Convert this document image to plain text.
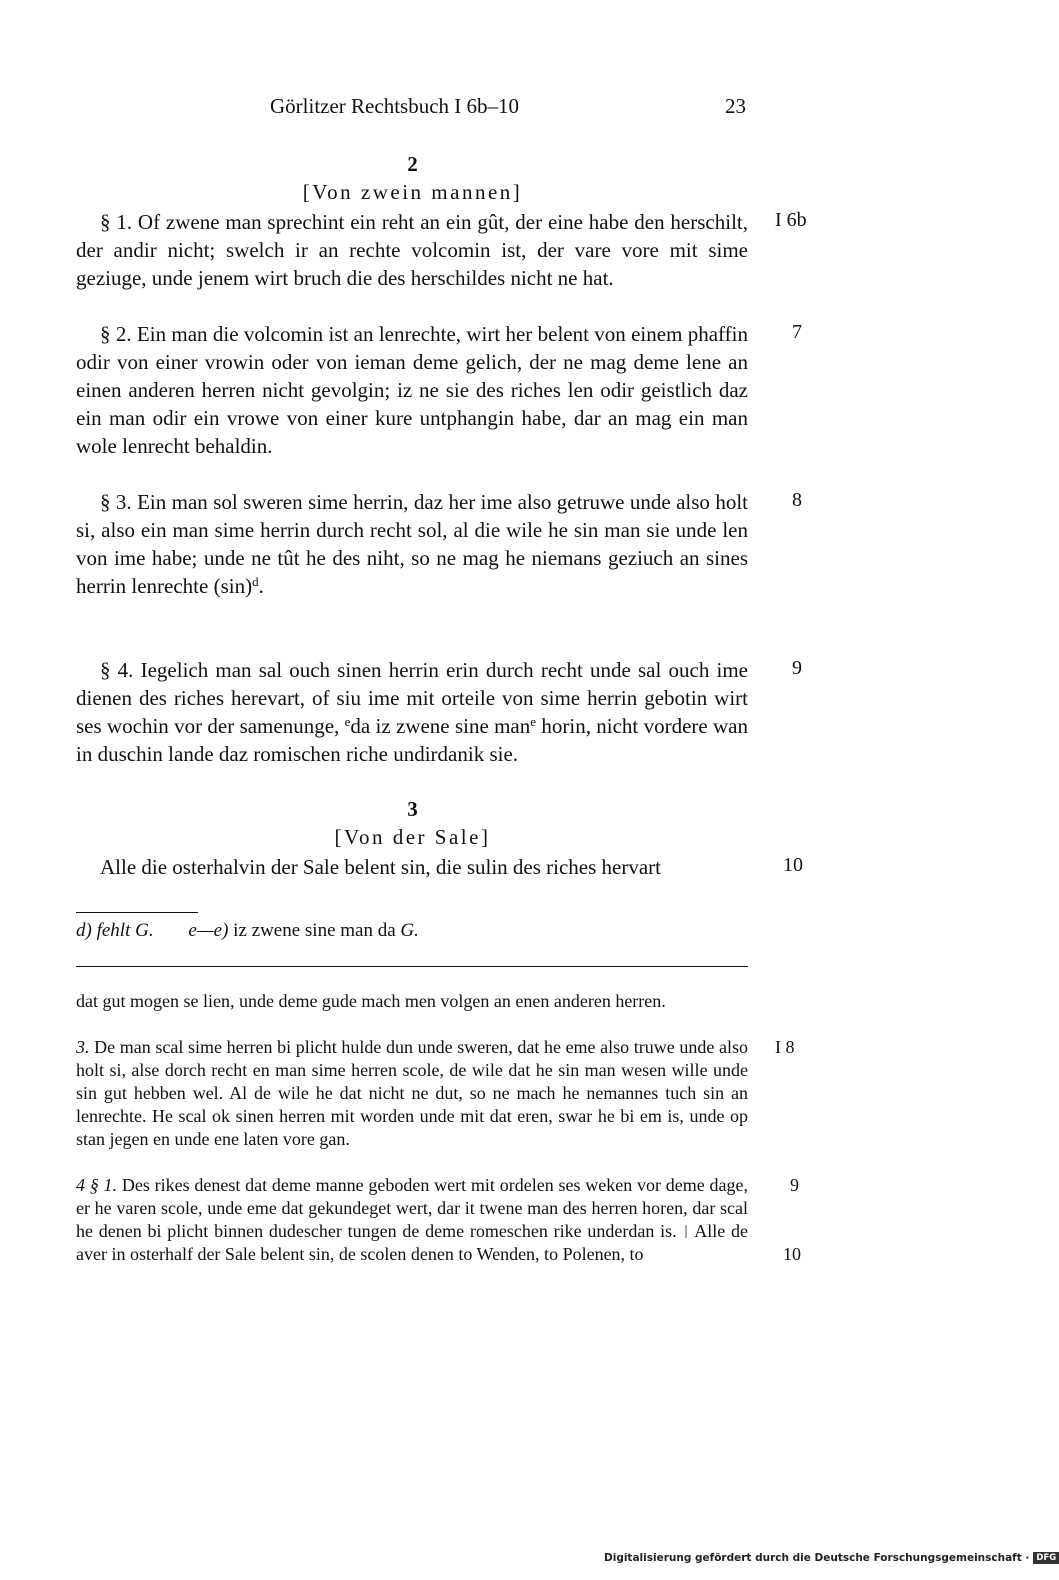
Görlitzer Rechtsbuch I 6b–10	23
2
[Von zwein mannen]
§ 1. Of zwene man sprechint ein reht an ein gût, der eine habe den herschilt, der andir nicht; swelch ir an rechte volcomin ist, der vare vore mit sime geziuge, unde jenem wirt bruch die des herschildes nicht ne hat.
I 6b
§ 2. Ein man die volcomin ist an lenrechte, wirt her belent von einem phaffin odir von einer vrowin oder von ieman deme gelich, der ne mag deme lene an einen anderen herren nicht gevolgin; iz ne sie des riches len odir geistlich daz ein man odir ein vrowe von einer kure untphangin habe, dar an mag ein man wole lenrecht behaldin.
7
§ 3. Ein man sol sweren sime herrin, daz her ime also getruwe unde also holt si, also ein man sime herrin durch recht sol, al die wile he sin man sie unde len von ime habe; unde ne tût he des niht, so ne mag he niemans geziuch an sines herrin lenrechte $(\sin)^d$.
8
§ 4. Iegelich man sal ouch sinen herrin erin durch recht unde sal ouch ime dienen des riches herevart, of siu ime mit orteile von sime herrin gebotin wirt ses wochin vor der samenunge, $^e$da iz zwene sine man$^e$ horin, nicht vordere wan in duschin lande daz romischen riche undirdanik sie.
9
3
[Von der Sale]
Alle die osterhalvin der Sale belent sin, die sulin des riches hervart	10
d) fehlt G. e—e) iz zwene sine man da G.
dat gut mogen se lien, unde deme gude mach men volgen an enen anderen herren.
3. De man scal sime herren bi plicht hulde dun unde sweren, dat he eme also truwe unde also holt si, alse dorch recht en man sime herren scole, de wile dat he sin man wesen wille unde sin gut hebben wel. Al de wile he dat nicht ne dut, so ne mach he nemannes tuch sin an lenrechte. He scal ok sinen herren mit worden unde mit dat eren, swar he bi em is, unde op stan jegen en unde ene laten vore gan.
I 8
4 § 1. Des rikes denest dat deme manne geboden wert mit ordelen ses weken vor deme dage, er he varen scole, unde eme dat gekundeget wert, dar it twene man des herren horen, dar scal he denen bi plicht binnen dudescher tungen de deme romeschen rike underdan is. | Alle de aver in osterhalf der Sale belent sin, de scolen denen to Wenden, to Polenen, to
9
10
Digitalisierung gefördert durch die Deutsche Forschungsgemeinschaft · DFG
